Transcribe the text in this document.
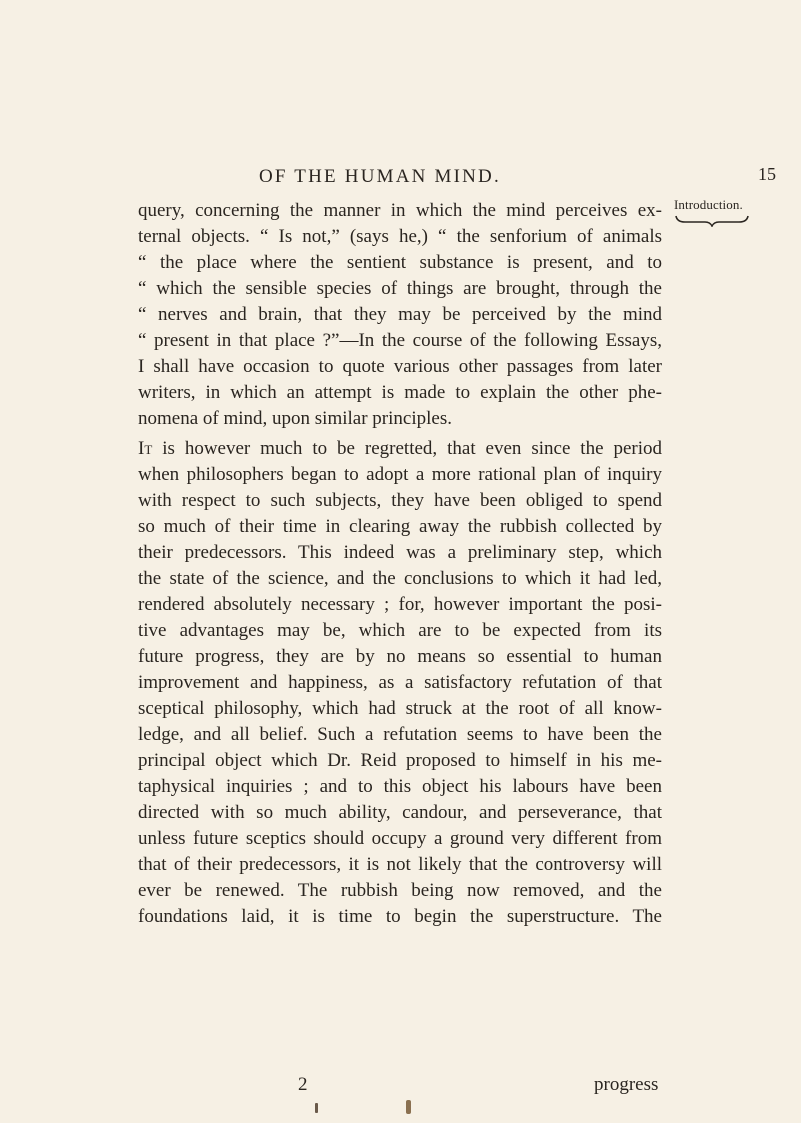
OF THE HUMAN MIND.	15
Introduction.
query, concerning the manner in which the mind perceives ex-
ternal objects. “ Is not,” (says he,) “ the senforium of animals
“ the place where the sentient substance is present, and to
“ which the sensible species of things are brought, through the
“ nerves and brain, that they may be perceived by the mind
“ present in that place ?”—In the course of the following Essays,
I shall have occasion to quote various other passages from later
writers, in which an attempt is made to explain the other phe-
nomena of mind, upon similar principles.
It is however much to be regretted, that even since the period
when philosophers began to adopt a more rational plan of inquiry
with respect to such subjects, they have been obliged to spend
so much of their time in clearing away the rubbish collected by
their predecessors. This indeed was a preliminary step, which
the state of the science, and the conclusions to which it had led,
rendered absolutely necessary ; for, however important the posi-
tive advantages may be, which are to be expected from its
future progress, they are by no means so essential to human
improvement and happiness, as a satisfactory refutation of that
sceptical philosophy, which had struck at the root of all know-
ledge, and all belief. Such a refutation seems to have been the
principal object which Dr. Reid proposed to himself in his me-
taphysical inquiries ; and to this object his labours have been
directed with so much ability, candour, and perseverance, that
unless future sceptics should occupy a ground very different from
that of their predecessors, it is not likely that the controversy will
ever be renewed. The rubbish being now removed, and the
foundations laid, it is time to begin the superstructure. The
2	progress
